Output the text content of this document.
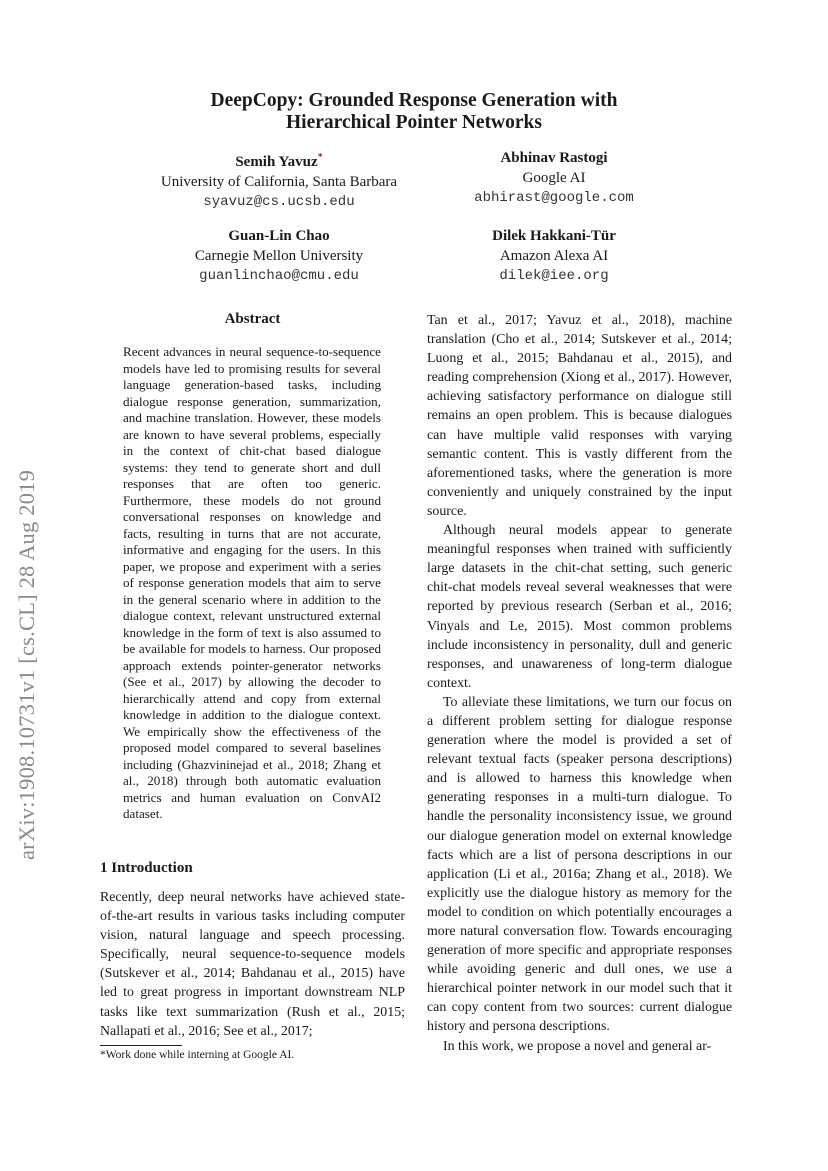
arXiv:1908.10731v1 [cs.CL] 28 Aug 2019
DeepCopy: Grounded Response Generation with
Hierarchical Pointer Networks
Semih Yavuz*
University of California, Santa Barbara
syavuz@cs.ucsb.edu
Abhinav Rastogi
Google AI
abhirast@google.com
Guan-Lin Chao
Carnegie Mellon University
guanlinchao@cmu.edu
Dilek Hakkani-Tür
Amazon Alexa AI
dilek@iee.org
Abstract
Recent advances in neural sequence-to-sequence models have led to promising results for several language generation-based tasks, including dialogue response generation, summarization, and machine translation. However, these models are known to have several problems, especially in the context of chit-chat based dialogue systems: they tend to generate short and dull responses that are often too generic. Furthermore, these models do not ground conversational responses on knowledge and facts, resulting in turns that are not accurate, informative and engaging for the users. In this paper, we propose and experiment with a series of response generation models that aim to serve in the general scenario where in addition to the dialogue context, relevant unstructured external knowledge in the form of text is also assumed to be available for models to harness. Our proposed approach extends pointer-generator networks (See et al., 2017) by allowing the decoder to hierarchically attend and copy from external knowledge in addition to the dialogue context. We empirically show the effectiveness of the proposed model compared to several baselines including (Ghazvininejad et al., 2018; Zhang et al., 2018) through both automatic evaluation metrics and human evaluation on ConvAI2 dataset.
1 Introduction

Recently, deep neural networks have achieved state-of-the-art results in various tasks including computer vision, natural language and speech processing. Specifically, neural sequence-to-sequence models (Sutskever et al., 2014; Bahdanau et al., 2015) have led to great progress in important downstream NLP tasks like text summarization (Rush et al., 2015; Nallapati et al., 2016; See et al., 2017;

Tan et al., 2017; Yavuz et al., 2018), machine translation (Cho et al., 2014; Sutskever et al., 2014; Luong et al., 2015; Bahdanau et al., 2015), and reading comprehension (Xiong et al., 2017). However, achieving satisfactory performance on dialogue still remains an open problem. This is because dialogues can have multiple valid responses with varying semantic content. This is vastly different from the aforementioned tasks, where the generation is more conveniently and uniquely constrained by the input source.

Although neural models appear to generate meaningful responses when trained with sufficiently large datasets in the chit-chat setting, such generic chit-chat models reveal several weaknesses that were reported by previous research (Serban et al., 2016; Vinyals and Le, 2015). Most common problems include inconsistency in personality, dull and generic responses, and unawareness of long-term dialogue context.

To alleviate these limitations, we turn our focus on a different problem setting for dialogue response generation where the model is provided a set of relevant textual facts (speaker persona descriptions) and is allowed to harness this knowledge when generating responses in a multi-turn dialogue. To handle the personality inconsistency issue, we ground our dialogue generation model on external knowledge facts which are a list of persona descriptions in our application (Li et al., 2016a; Zhang et al., 2018). We explicitly use the dialogue history as memory for the model to condition on which potentially encourages a more natural conversation flow. Towards encouraging generation of more specific and appropriate responses while avoiding generic and dull ones, we use a hierarchical pointer network in our model such that it can copy content from two sources: current dialogue history and persona descriptions.

In this work, we propose a novel and general ar-

*Work done while interning at Google AI.
